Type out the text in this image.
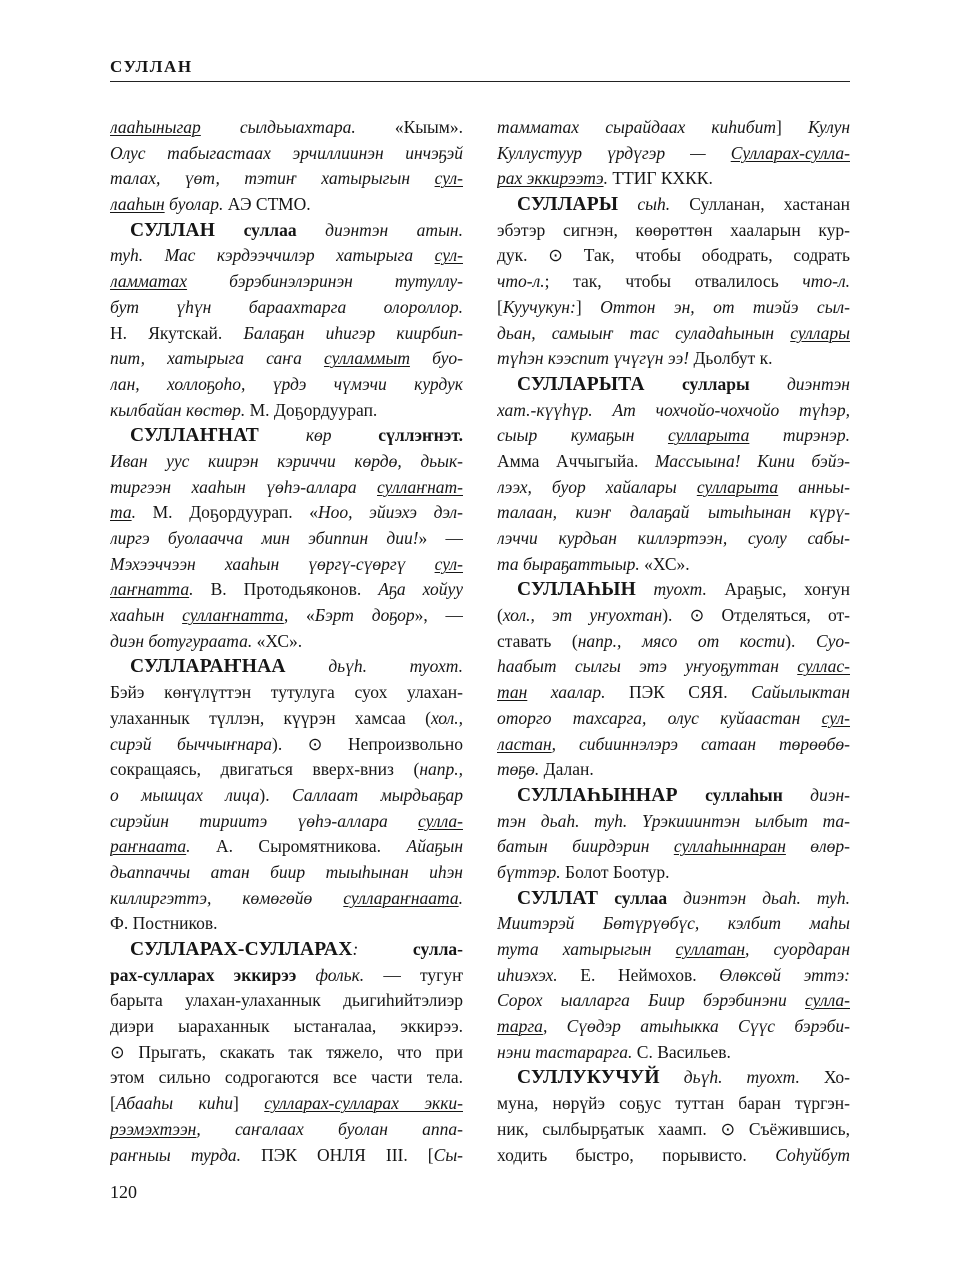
СУЛЛАН
лааһыныгар сылдьыахтара. «Кыым».
Олус табыгастаах эрчиллиинэн инчэҕэй
талах, үөт, тэтиҥ хатырыгын сул-
лааһын буолар. АЭ СТМО.
СУЛЛАН суллаа диэнтэн атын.
туһ. Мас кэрдээччилэр хатырыга сул-
ламматах бэрэбинэлэринэн тутуллу-
бут үһүн бараахтарга олороллор.
Н. Якутскай. Балаҕан иһигэр киирбип-
пит, хатырыга саҥа сулламмыт буо-
лан, холлоҕоһо, үрдэ чүмэчи курдук
кылбайан көстөр. М. Доҕордуурап.
СУЛЛАҤНАТ көр сүллэҥнэт.
Иван уус киирэн кэриччи көрдө, дьык-
тиргээн хааһын үөһэ-аллара суллаҥнат-
та. М. Доҕордуурап. «Ноо, эйиэхэ дэл-
лиргэ буолаачча мин эбиппин дии!» —
Мэхээччээн хааһын үөргү-сүөргү сул-
лаҥнатта. В. Протодьяконов. Аҕа хойуу
хааһын суллаҥнатта, «Бэрт доҕор», —
диэн ботугураата. «ХС».
СУЛЛАРАҤНАА дьүһ. туохт.
Бэйэ көҥүлүттэн тутулуга суох улахан-
улаханнык түллэн, күүрэн хамсаа (хол.,
сирэй быччыҥнара). ⊙ Непроизвольно
сокращаясь, двигаться вверх-вниз (напр.,
о мышцах лица). Саллаат мырдьаҕар
сирэйин тириитэ үөһэ-аллара сулла-
раҥнаата. А. Сыромятникова. Айаҕын
дьаппаччы атан биир тыыһынан иһэн
киллиргэттэ, көмөгөйө суллараҥнаата.
Ф. Постников.
СУЛЛАРАХ-СУЛЛАРАХ: сулла-
рах-сулларах эккирээ фольк. — тугуҥ
барыта улахан-улаханнык дьигиһийтэлиэр
диэри ыараханнык ыстаҥалаа, эккирээ.
⊙ Прыгать, скакать так тяжело, что при
этом сильно содрогаются все части тела.
[Абааһы киһи] сулларах-сулларах экки-
рээмэхтээн, саҥалаах буолан аппа-
раҥныы турда. ПЭК ОНЛЯ III. [Сы-
тамматах сырайдаах киһибит] Кулун
Куллустуур үрдүгэр — Сулларах-сулла-
рах эккирээтэ. ТТИГ КХКК.
СУЛЛАРЫ сыһ. Сулланан, хастанан
эбэтэр сигнэн, көөрөттөн хааларын кур-
дук. ⊙ Так, чтобы ободрать, содрать
что-л.; так, чтобы отвалилось что-л.
[Куучукун:] Оттон эн, от тиэйэ сыл-
дьан, самыыҥ тас суладаһынын суллары
түһэн кээспит үчүгүн ээ! Дьолбут к.
СУЛЛАРЫТА суллары диэнтэн
хат.-күүһүр. Ат чохчойо-чохчойо түһэр,
сыыр кумаҕын сулларыта тирэнэр.
Амма Аччыгыйа. Массыына! Кини бэйэ-
лээх, буор хайалары сулларыта анньы-
талаан, киэҥ далаҕай ытыһынан күрү-
лэччи курдьан киллэртээн, суолу сабы-
та быраҕаттыыр. «ХС».
СУЛЛАҺЫН туохт. Араҕыс, хоҥун
(хол., эт уҥуохтан). ⊙ Отделяться, от-
ставать (напр., мясо от кости). Суо-
һаабыт сылгы этэ уҥуоҕуттан суллас-
тан хаалар. ПЭК СЯЯ. Сайылыктан
оторго тахсарга, олус куйаастан сул-
ластан, сибииннэлэрэ сатаан төрөөбө-
төҕө. Далан.
СУЛЛАҺЫННАР суллаһын диэн-
тэн дьаһ. туһ. Үрэкииинтэн ылбыт та-
батын биирдэрин суллаһыннаран өлөр-
бүттэр. Болот Боотур.
СУЛЛАТ суллаа диэнтэн дьаһ. туһ.
Миитэрэй Бөтүрүөбүс, кэлбит маһы
тута хатырыгын суллатан, суордаран
иһиэхэх. Е. Неймохов. Өлөксөй эттэ:
Сорох ыалларга Биир бэрэбинэни сулла-
тарга, Сүөдэр атыһыкка Сүүс бэрэби-
нэни тастарарга. С. Васильев.
СУЛЛУКУЧУЙ дьүһ. туохт. Хо-
муна, нөрүйэ соҕус туттан баран түргэн-
ник, сылбырҕатык хаамп. ⊙ Съёжившись,
ходить быстро, порывисто. Соһуйбут
120
